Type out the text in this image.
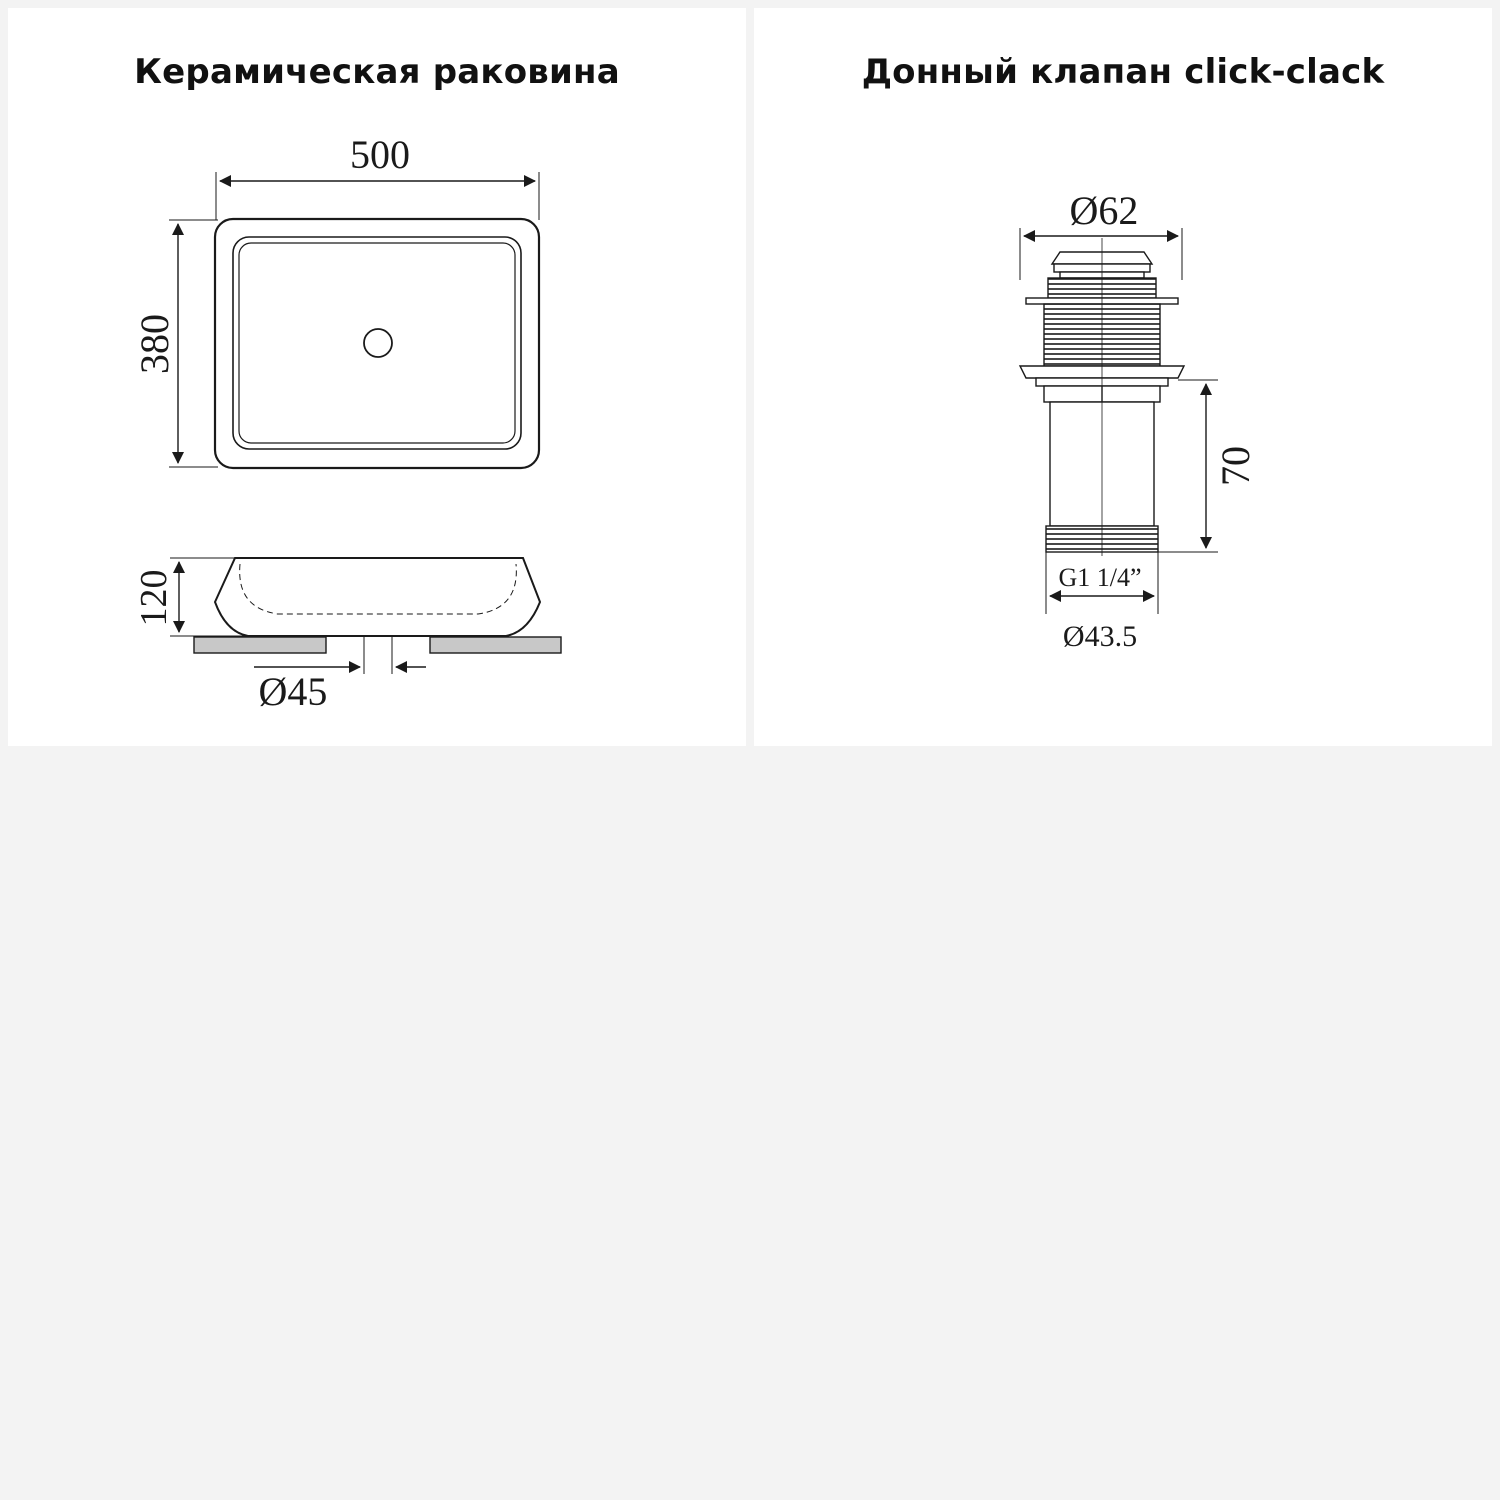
Керамическая раковина
500
380
120
Ø45
Донный клапан click-clack
Ø62
70
G1 1/4”
Ø43.5
